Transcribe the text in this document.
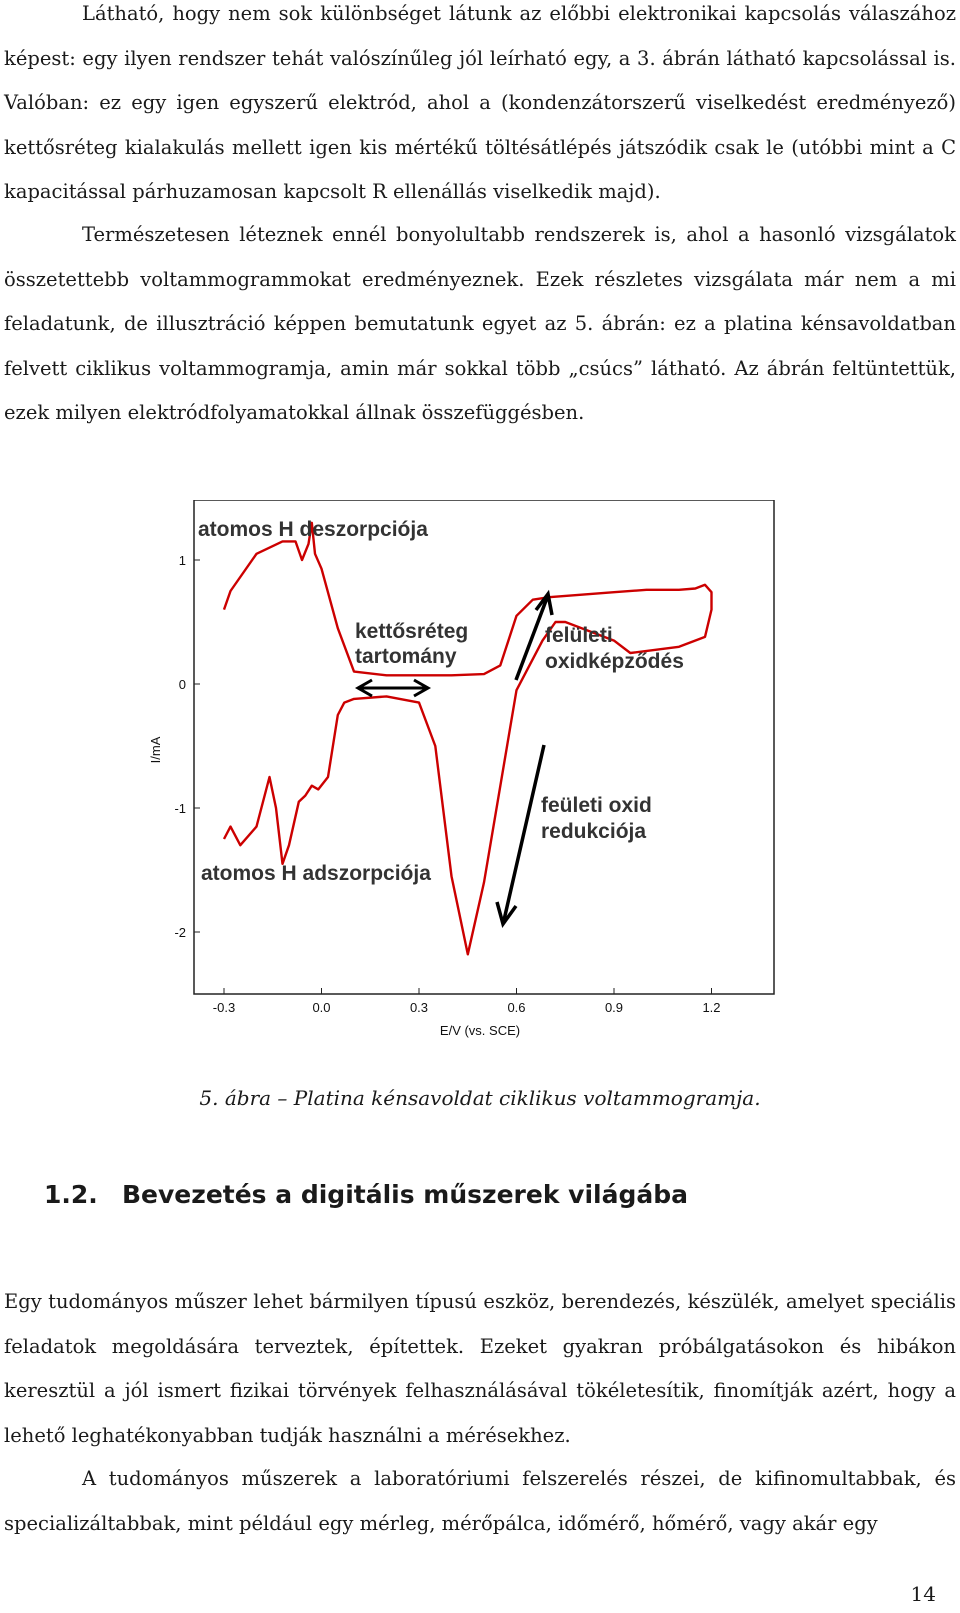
Látható, hogy nem sok különbséget látunk az előbbi elektronikai kapcsolás válaszához képest: egy ilyen rendszer tehát valószínűleg jól leírható egy, a 3. ábrán látható kapcsolással is. Valóban: ez egy igen egyszerű elektród, ahol a (kondenzátorszerű viselkedést eredményező) kettősréteg kialakulás mellett igen kis mértékű töltésátlépés játszódik csak le (utóbbi mint a C kapacitással párhuzamosan kapcsolt R ellenállás viselkedik majd).

Természetesen léteznek ennél bonyolultabb rendszerek is, ahol a hasonló vizsgálatok összetettebb voltammogrammokat eredményeznek. Ezek részletes vizsgálata már nem a mi feladatunk, de illusztráció képpen bemutatunk egyet az 5. ábrán: ez a platina kénsavoldatban felvett ciklikus voltammogramja, amin már sokkal több „csúcs” látható. Az ábrán feltüntettük, ezek milyen elektródfolyamatokkal állnak összefüggésben.

-0.3	0.0	0.3	0.6	0.9	1.2
1
0
-1
-2
E/V (vs. SCE)
I/mA
atomos H deszorpciója
kettősréteg
tartomány
felületi
oxidképződés
feületi oxid
redukciója
atomos H adszorpciója
5. ábra – Platina kénsavoldat ciklikus voltammogramja.
1.2. Bevezetés a digitális műszerek világába

Egy tudományos műszer lehet bármilyen típusú eszköz, berendezés, készülék, amelyet speciális feladatok megoldására terveztek, építettek. Ezeket gyakran próbálgatásokon és hibákon keresztül a jól ismert fizikai törvények felhasználásával tökéletesítik, finomítják azért, hogy a lehető leghatékonyabban tudják használni a mérésekhez.

A tudományos műszerek a laboratóriumi felszerelés részei, de kifinomultabbak, és specializáltabbak, mint például egy mérleg, mérőpálca, időmérő, hőmérő, vagy akár egy

14
